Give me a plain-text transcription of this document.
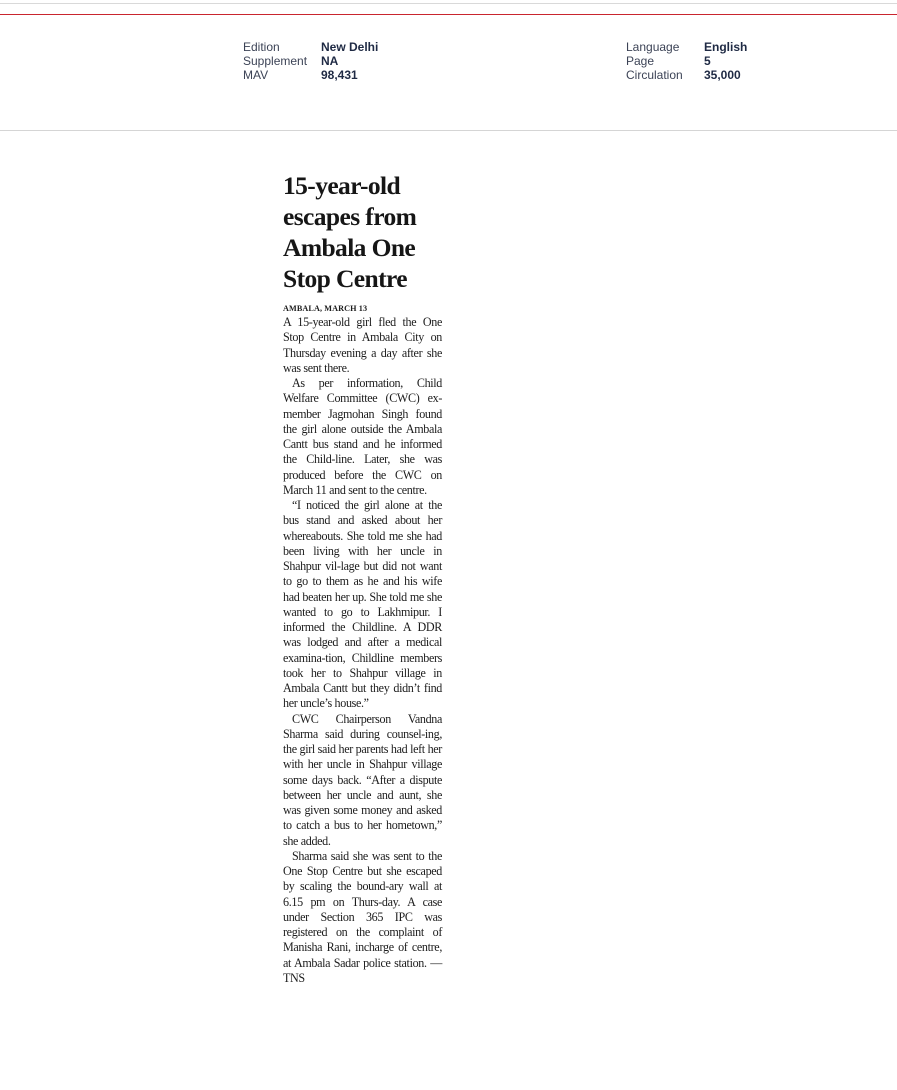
Edition	New Delhi
Supplement	NA
MAV	98,431
Language	English
Page	5
Circulation	35,000
15-year-old
escapes from
Ambala One
Stop Centre
AMBALA, MARCH 13

A 15-year-old girl fled the One Stop Centre in Ambala City on Thursday evening a day after she was sent there.

As per information, Child Welfare Committee (CWC) ex-member Jagmohan Singh found the girl alone outside the Ambala Cantt bus stand and he informed the Child-line. Later, she was produced before the CWC on March 11 and sent to the centre.

“I noticed the girl alone at the bus stand and asked about her whereabouts. She told me she had been living with her uncle in Shahpur vil-lage but did not want to go to them as he and his wife had beaten her up. She told me she wanted to go to Lakhmipur. I informed the Childline. A DDR was lodged and after a medical examina-tion, Childline members took her to Shahpur village in Ambala Cantt but they didn’t find her uncle’s house.”

CWC Chairperson Vandna Sharma said during counsel-ing, the girl said her parents had left her with her uncle in Shahpur village some days back. “After a dispute between her uncle and aunt, she was given some money and asked to catch a bus to her hometown,” she added.

Sharma said she was sent to the One Stop Centre but she escaped by scaling the bound-ary wall at 6.15 pm on Thurs-day. A case under Section 365 IPC was registered on the complaint of Manisha Rani, incharge of centre, at Ambala Sadar police station. —TNS
